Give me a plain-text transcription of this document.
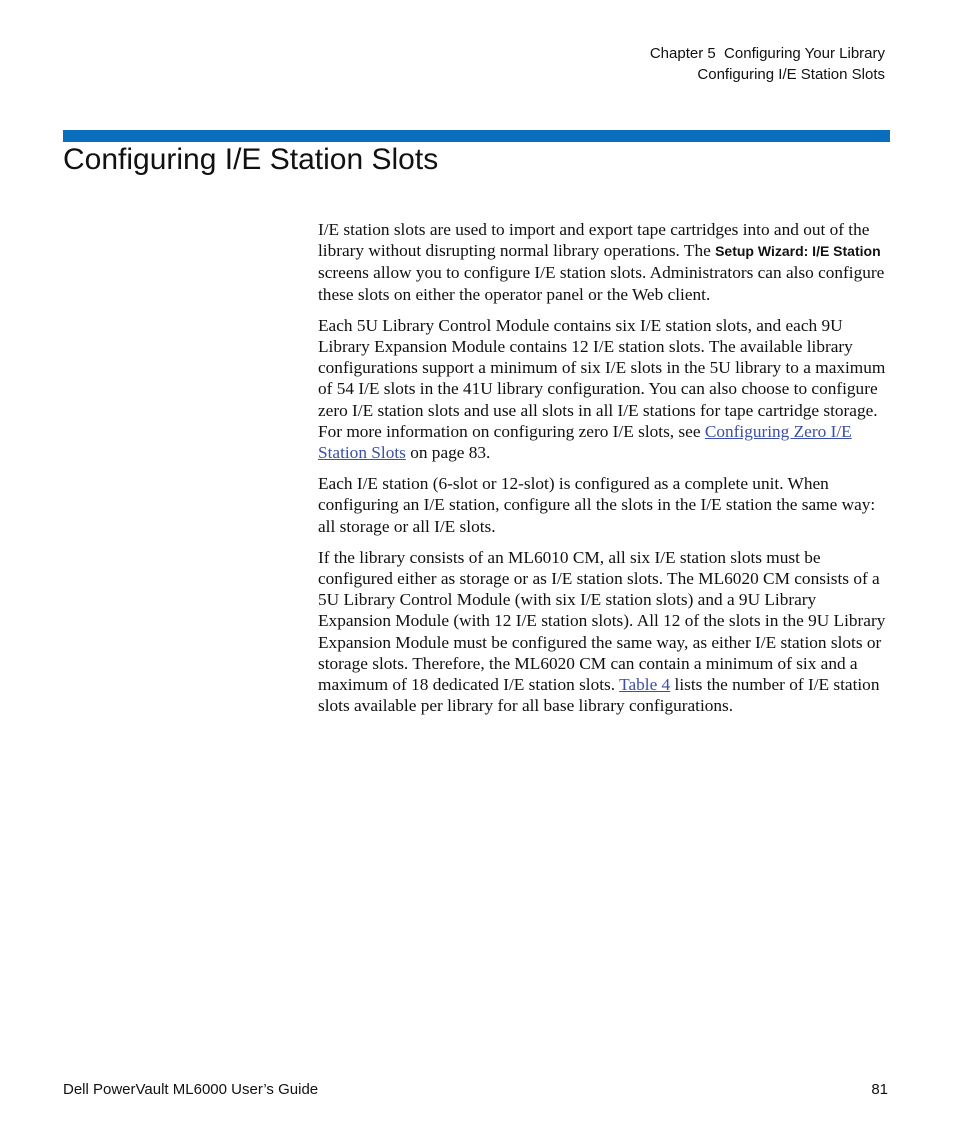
Chapter 5  Configuring Your Library
Configuring I/E Station Slots
Configuring I/E Station Slots

I/E station slots are used to import and export tape cartridges into and out of the library without disrupting normal library operations. The Setup Wizard: I/E Station screens allow you to configure I/E station slots. Administrators can also configure these slots on either the operator panel or the Web client.

Each 5U Library Control Module contains six I/E station slots, and each 9U Library Expansion Module contains 12 I/E station slots. The available library configurations support a minimum of six I/E slots in the 5U library to a maximum of 54 I/E slots in the 41U library configuration. You can also choose to configure zero I/E station slots and use all slots in all I/E stations for tape cartridge storage. For more information on configuring zero I/E slots, see Configuring Zero I/E Station Slots on page 83.

Each I/E station (6-slot or 12-slot) is configured as a complete unit. When configuring an I/E station, configure all the slots in the I/E station the same way: all storage or all I/E slots.

If the library consists of an ML6010 CM, all six I/E station slots must be configured either as storage or as I/E station slots. The ML6020 CM consists of a 5U Library Control Module (with six I/E station slots) and a 9U Library Expansion Module (with 12 I/E station slots). All 12 of the slots in the 9U Library Expansion Module must be configured the same way, as either I/E station slots or storage slots. Therefore, the ML6020 CM can contain a minimum of six and a maximum of 18 dedicated I/E station slots. Table 4 lists the number of I/E station slots available per library for all base library configurations.

Dell PowerVault ML6000 User’s Guide	81
